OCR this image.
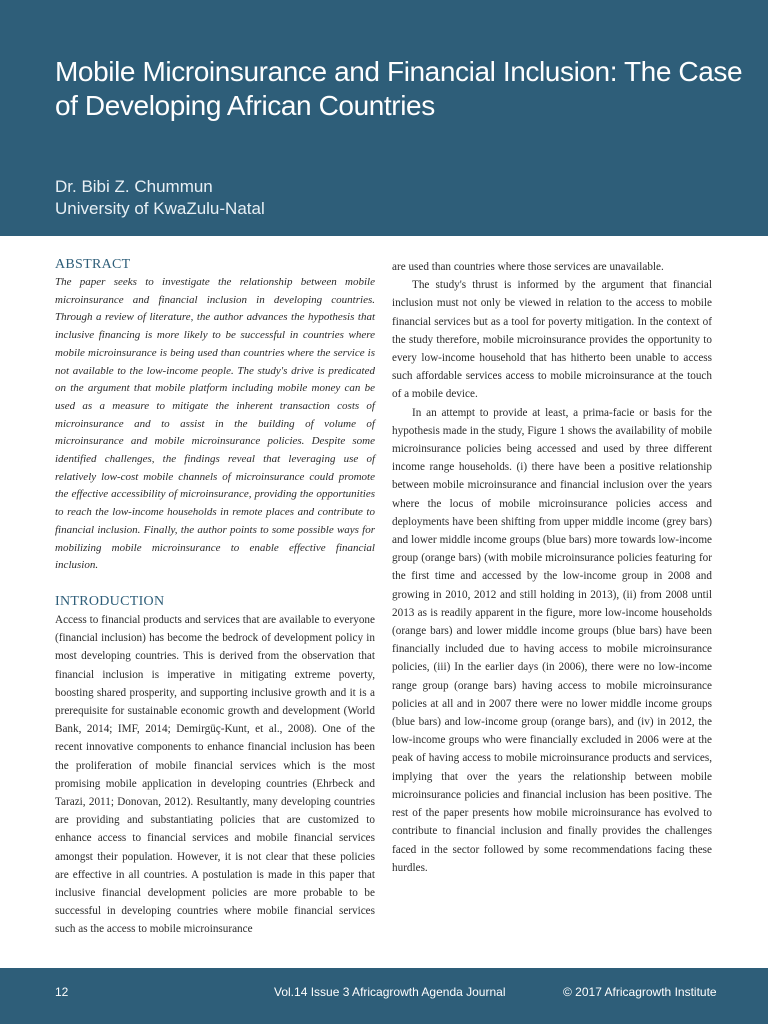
Mobile Microinsurance and Financial Inclusion: The Case of Developing African Countries
Dr. Bibi Z. Chummun
University of KwaZulu-Natal
ABSTRACT

The paper seeks to investigate the relationship between mobile microinsurance and financial inclusion in developing countries. Through a review of literature, the author advances the hypothesis that inclusive financing is more likely to be successful in countries where mobile microinsurance is being used than countries where the service is not available to the low-income people. The study's drive is predicated on the argument that mobile platform including mobile money can be used as a measure to mitigate the inherent transaction costs of microinsurance and to assist in the building of volume of microinsurance and mobile microinsurance policies. Despite some identified challenges, the findings reveal that leveraging use of relatively low-cost mobile channels of microinsurance could promote the effective accessibility of microinsurance, providing the opportunities to reach the low-income households in remote places and contribute to financial inclusion. Finally, the author points to some possible ways for mobilizing mobile microinsurance to enable effective financial inclusion.

INTRODUCTION

Access to financial products and services that are available to everyone (financial inclusion) has become the bedrock of development policy in most developing countries. This is derived from the observation that financial inclusion is imperative in mitigating extreme poverty, boosting shared prosperity, and supporting inclusive growth and it is a prerequisite for sustainable economic growth and development (World Bank, 2014; IMF, 2014; Demirgüç-Kunt, et al., 2008). One of the recent innovative components to enhance financial inclusion has been the proliferation of mobile financial services which is the most promising mobile application in developing countries (Ehrbeck and Tarazi, 2011; Donovan, 2012). Resultantly, many developing countries are providing and substantiating policies that are customized to enhance access to financial services and mobile financial services amongst their population. However, it is not clear that these policies are effective in all countries. A postulation is made in this paper that inclusive financial development policies are more probable to be successful in developing countries where mobile financial services such as the access to mobile microinsurance

are used than countries where those services are unavailable.

The study's thrust is informed by the argument that financial inclusion must not only be viewed in relation to the access to mobile financial services but as a tool for poverty mitigation. In the context of the study therefore, mobile microinsurance provides the opportunity to every low-income household that has hitherto been unable to access such affordable services access to mobile microinsurance at the touch of a mobile device.

In an attempt to provide at least, a prima-facie or basis for the hypothesis made in the study, Figure 1 shows the availability of mobile microinsurance policies being accessed and used by three different income range households. (i) there have been a positive relationship between mobile microinsurance and financial inclusion over the years where the locus of mobile microinsurance policies access and deployments have been shifting from upper middle income (grey bars) and lower middle income groups (blue bars) more towards low-income group (orange bars) (with mobile microinsurance policies featuring for the first time and accessed by the low-income group in 2008 and growing in 2010, 2012 and still holding in 2013), (ii) from 2008 until 2013 as is readily apparent in the figure, more low-income households (orange bars) and lower middle income groups (blue bars) have been financially included due to having access to mobile microinsurance policies, (iii) In the earlier days (in 2006), there were no low-income range group (orange bars) having access to mobile microinsurance policies at all and in 2007 there were no lower middle income groups (blue bars) and low-income group (orange bars), and (iv) in 2012, the low-income groups who were financially excluded in 2006 were at the peak of having access to mobile microinsurance products and services, implying that over the years the relationship between mobile microinsurance policies and financial inclusion has been positive. The rest of the paper presents how mobile microinsurance has evolved to contribute to financial inclusion and finally provides the challenges faced in the sector followed by some recommendations facing these hurdles.

12	Vol.14 Issue 3 Africagrowth Agenda Journal	© 2017 Africagrowth Institute
